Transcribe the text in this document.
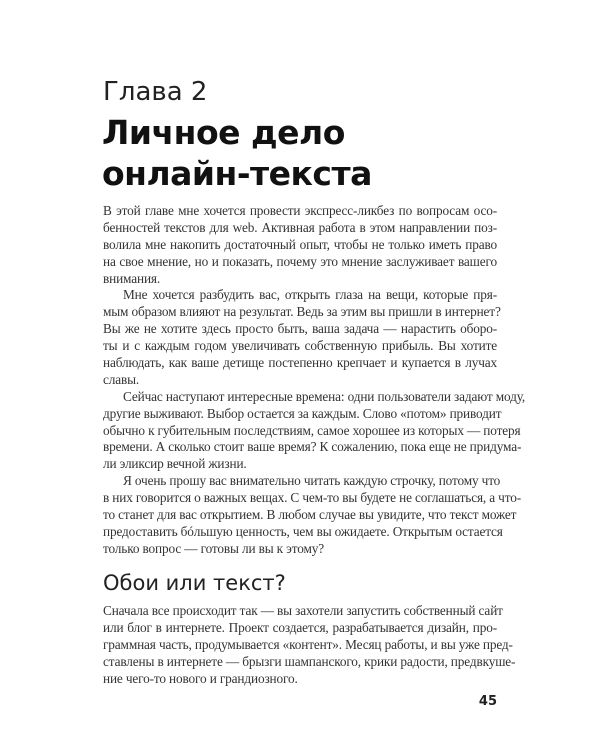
Глава 2
Личное дело
онлайн-текста
В этой главе мне хочется провести экспресс-ликбез по вопросам осо-
бенностей текстов для web. Активная работа в этом направлении поз-
волила мне накопить достаточный опыт, чтобы не только иметь право
на свое мнение, но и показать, почему это мнение заслуживает вашего
внимания.
Мне хочется разбудить вас, открыть глаза на вещи, которые пря-
мым образом влияют на результат. Ведь за этим вы пришли в интернет?
Вы же не хотите здесь просто быть, ваша задача — нарастить оборо-
ты и с каждым годом увеличивать собственную прибыль. Вы хотите
наблюдать, как ваше детище постепенно крепчает и купается в лучах
славы.
Сейчас наступают интересные времена: одни пользователи задают моду,
другие выживают. Выбор остается за каждым. Слово «потом» приводит
обычно к губительным последствиям, самое хорошее из которых — потеря
времени. А сколько стоит ваше время? К сожалению, пока еще не придума-
ли эликсир вечной жизни.
Я очень прошу вас внимательно читать каждую строчку, потому что
в них говорится о важных вещах. С чем-то вы будете не соглашаться, а что-
то станет для вас открытием. В любом случае вы увидите, что текст может
предоставить бóльшую ценность, чем вы ожидаете. Открытым остается
только вопрос — готовы ли вы к этому?
Обои или текст?
Сначала все происходит так — вы захотели запустить собственный сайт
или блог в интернете. Проект создается, разрабатывается дизайн, про-
граммная часть, продумывается «контент». Месяц работы, и вы уже пред-
ставлены в интернете — брызги шампанского, крики радости, предвкуше-
ние чего-то нового и грандиозного.
45
